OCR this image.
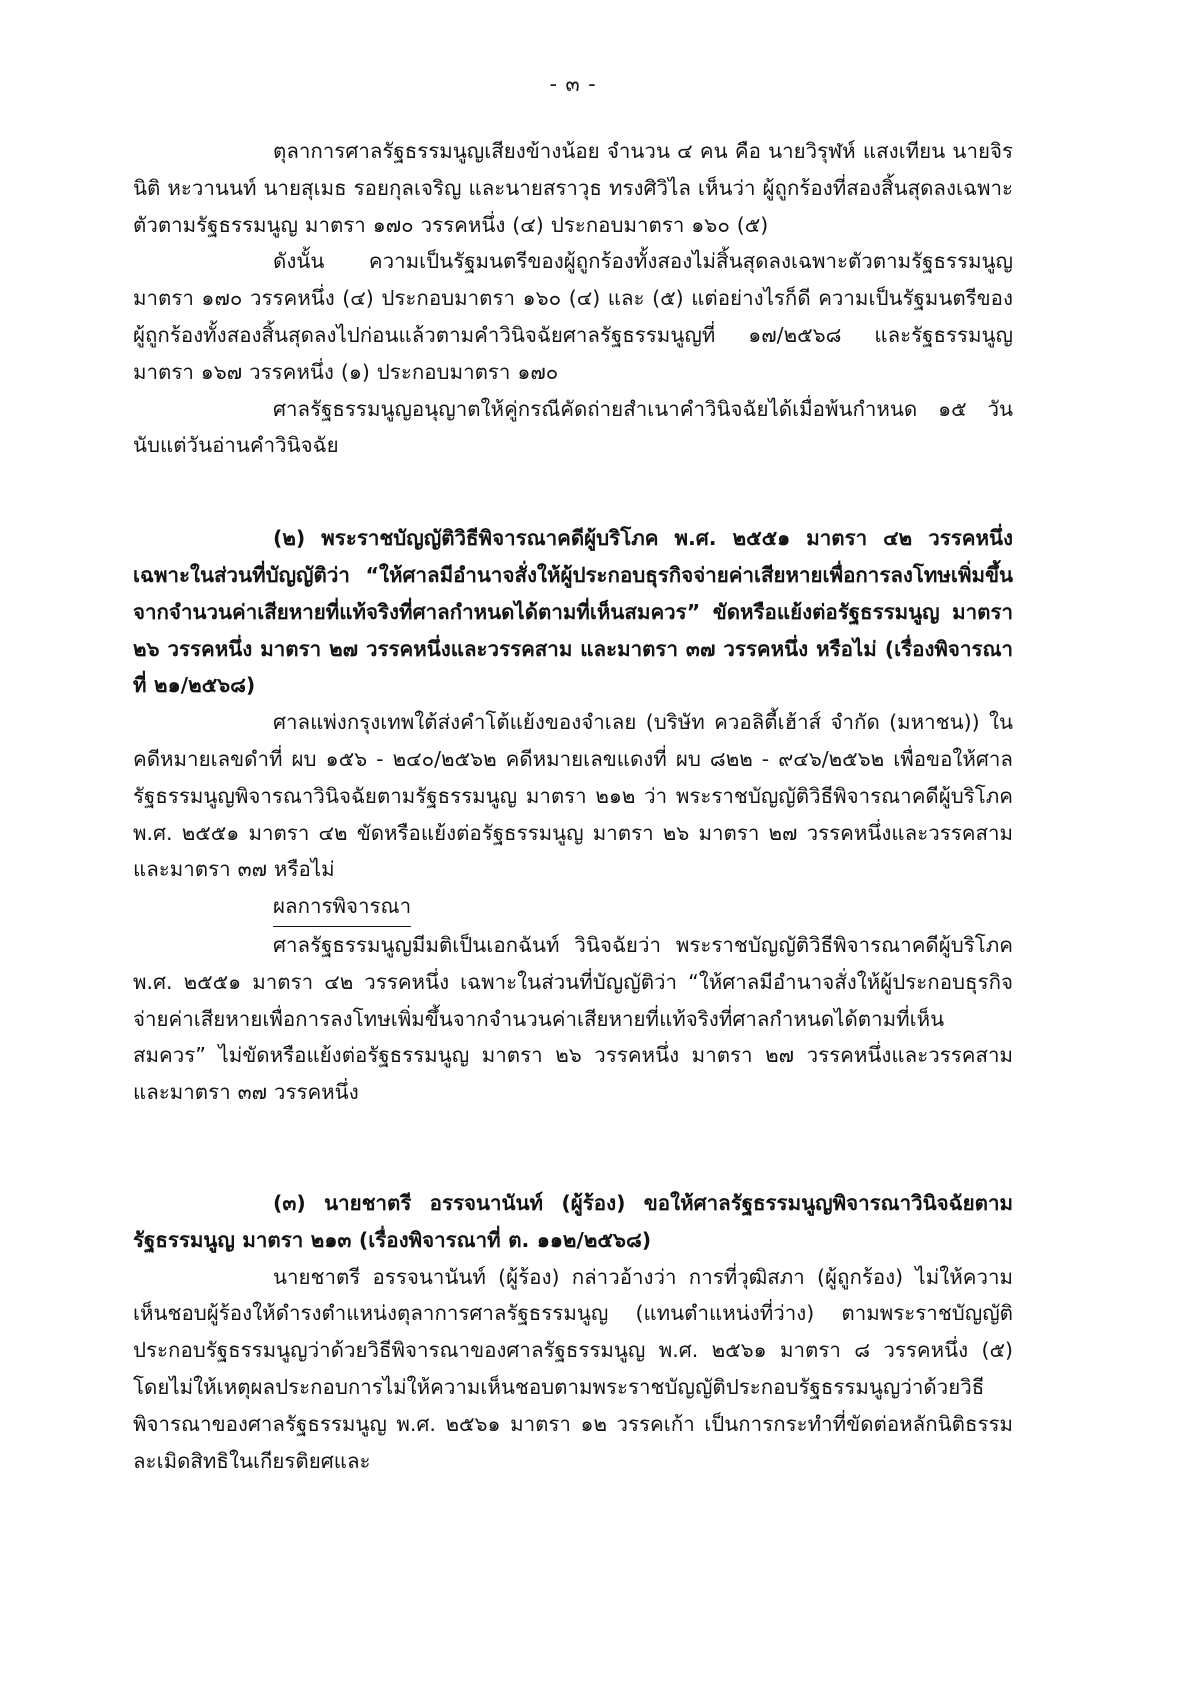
- ๓ -

ตุลาการศาลรัฐธรรมนูญเสียงข้างน้อย จำนวน ๔ คน คือ นายวิรุฬห์ แสงเทียน นายจิรนิติ หะวานนท์ นายสุเมธ รอยกุลเจริญ และนายสราวุธ ทรงศิวิไล เห็นว่า ผู้ถูกร้องที่สองสิ้นสุดลงเฉพาะตัวตามรัฐธรรมนูญ มาตรา ๑๗๐ วรรคหนึ่ง (๔) ประกอบมาตรา ๑๖๐ (๕)

ดังนั้น ความเป็นรัฐมนตรีของผู้ถูกร้องทั้งสองไม่สิ้นสุดลงเฉพาะตัวตามรัฐธรรมนูญ มาตรา ๑๗๐ วรรคหนึ่ง (๔) ประกอบมาตรา ๑๖๐ (๔) และ (๕) แต่อย่างไรก็ดี ความเป็นรัฐมนตรีของผู้ถูกร้องทั้งสองสิ้นสุดลงไปก่อนแล้วตามคำวินิจฉัยศาลรัฐธรรมนูญที่ ๑๗/๒๕๖๘ และรัฐธรรมนูญ มาตรา ๑๖๗ วรรคหนึ่ง (๑) ประกอบมาตรา ๑๗๐

ศาลรัฐธรรมนูญอนุญาตให้คู่กรณีคัดถ่ายสำเนาคำวินิจฉัยได้เมื่อพ้นกำหนด ๑๕ วัน นับแต่วันอ่านคำวินิจฉัย

(๒) พระราชบัญญัติวิธีพิจารณาคดีผู้บริโภค พ.ศ. ๒๕๕๑ มาตรา ๔๒ วรรคหนึ่ง เฉพาะในส่วนที่บัญญัติว่า “ให้ศาลมีอำนาจสั่งให้ผู้ประกอบธุรกิจจ่ายค่าเสียหายเพื่อการลงโทษเพิ่มขึ้นจากจำนวนค่าเสียหายที่แท้จริงที่ศาลกำหนดได้ตามที่เห็นสมควร” ขัดหรือแย้งต่อรัฐธรรมนูญ มาตรา ๒๖ วรรคหนึ่ง มาตรา ๒๗ วรรคหนึ่งและวรรคสาม และมาตรา ๓๗ วรรคหนึ่ง หรือไม่ (เรื่องพิจารณาที่ ๒๑/๒๕๖๘)

ศาลแพ่งกรุงเทพใต้ส่งคำโต้แย้งของจำเลย (บริษัท ควอลิตี้เฮ้าส์ จำกัด (มหาชน)) ในคดีหมายเลขดำที่ ผบ ๑๕๖ - ๒๔๐/๒๕๖๒ คดีหมายเลขแดงที่ ผบ ๘๒๒ - ๙๔๖/๒๕๖๒ เพื่อขอให้ศาลรัฐธรรมนูญพิจารณาวินิจฉัยตามรัฐธรรมนูญ มาตรา ๒๑๒ ว่า พระราชบัญญัติวิธีพิจารณาคดีผู้บริโภค พ.ศ. ๒๕๕๑ มาตรา ๔๒ ขัดหรือแย้งต่อรัฐธรรมนูญ มาตรา ๒๖ มาตรา ๒๗ วรรคหนึ่งและวรรคสาม และมาตรา ๓๗ หรือไม่

ผลการพิจารณา

ศาลรัฐธรรมนูญมีมติเป็นเอกฉันท์ วินิจฉัยว่า พระราชบัญญัติวิธีพิจารณาคดีผู้บริโภค พ.ศ. ๒๕๕๑ มาตรา ๔๒ วรรคหนึ่ง เฉพาะในส่วนที่บัญญัติว่า “ให้ศาลมีอำนาจสั่งให้ผู้ประกอบธุรกิจจ่ายค่าเสียหายเพื่อการลงโทษเพิ่มขึ้นจากจำนวนค่าเสียหายที่แท้จริงที่ศาลกำหนดได้ตามที่เห็นสมควร” ไม่ขัดหรือแย้งต่อรัฐธรรมนูญ มาตรา ๒๖ วรรคหนึ่ง มาตรา ๒๗ วรรคหนึ่งและวรรคสาม และมาตรา ๓๗ วรรคหนึ่ง

(๓) นายชาตรี อรรจนานันท์ (ผู้ร้อง) ขอให้ศาลรัฐธรรมนูญพิจารณาวินิจฉัยตามรัฐธรรมนูญ มาตรา ๒๑๓ (เรื่องพิจารณาที่ ต. ๑๑๒/๒๕๖๘)

นายชาตรี อรรจนานันท์ (ผู้ร้อง) กล่าวอ้างว่า การที่วุฒิสภา (ผู้ถูกร้อง) ไม่ให้ความเห็นชอบผู้ร้องให้ดำรงตำแหน่งตุลาการศาลรัฐธรรมนูญ (แทนตำแหน่งที่ว่าง) ตามพระราชบัญญัติประกอบรัฐธรรมนูญว่าด้วยวิธีพิจารณาของศาลรัฐธรรมนูญ พ.ศ. ๒๕๖๑ มาตรา ๘ วรรคหนึ่ง (๕) โดยไม่ให้เหตุผลประกอบการไม่ให้ความเห็นชอบตามพระราชบัญญัติประกอบรัฐธรรมนูญว่าด้วยวิธีพิจารณาของศาลรัฐธรรมนูญ พ.ศ. ๒๕๖๑ มาตรา ๑๒ วรรคเก้า เป็นการกระทำที่ขัดต่อหลักนิติธรรม ละเมิดสิทธิในเกียรติยศและ
